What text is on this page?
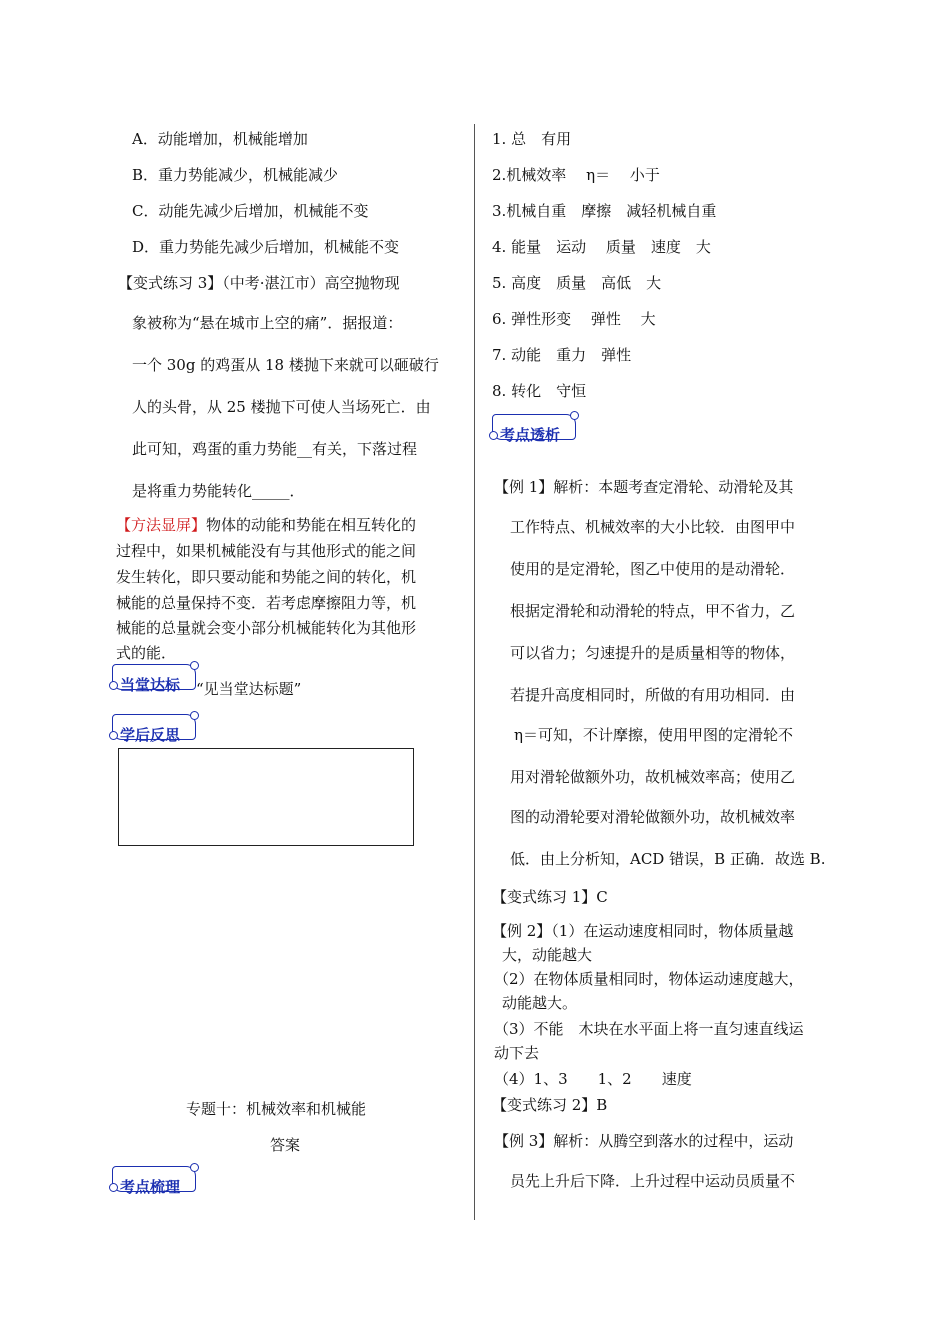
A．动能增加，机械能增加
B．重力势能减少，机械能减少
C．动能先减少后增加，机械能不变
D．重力势能先减少后增加，机械能不变
【变式练习 3】（中考·湛江市）高空抛物现
象被称为“悬在城市上空的痛”．据报道：
一个 30g 的鸡蛋从 18 楼抛下来就可以砸破行
人的头骨，从 25 楼抛下可使人当场死亡．由
此可知，鸡蛋的重力势能__有关，下落过程
是将重力势能转化_____．
【方法显屏】物体的动能和势能在相互转化的
过程中，如果机械能没有与其他形式的能之间
发生转化，即只要动能和势能之间的转化，机
械能的总量保持不变．若考虑摩擦阻力等，机
械能的总量就会变小部分机械能转化为其他形
式的能．
当堂达标 “见当堂达标题”
学后反思
专题十：机械效率和机械能
答案
考点梳理
1. 总　有用
2.机械效率　 η＝　 小于
3.机械自重　摩擦　减轻机械自重
4. 能量　运动　 质量　速度　大
5. 高度　质量　高低　大
6. 弹性形变　 弹性　 大
7. 动能　重力　弹性
8. 转化　守恒
考点透析
【例 1】解析：本题考查定滑轮、动滑轮及其
工作特点、机械效率的大小比较．由图甲中
使用的是定滑轮，图乙中使用的是动滑轮．
根据定滑轮和动滑轮的特点，甲不省力，乙
可以省力；匀速提升的是质量相等的物体，
若提升高度相同时，所做的有用功相同．由
η＝可知，不计摩擦，使用甲图的定滑轮不
用对滑轮做额外功，故机械效率高；使用乙
图的动滑轮要对滑轮做额外功，故机械效率
低．由上分析知，ACD 错误，B 正确．故选 B.
【变式练习 1】C
【例 2】（1）在运动速度相同时，物体质量越
大，动能越大
（2）在物体质量相同时，物体运动速度越大，
动能越大。
（3）不能　木块在水平面上将一直匀速直线运
动下去
（4）1、3　　1、2　　速度
【变式练习 2】B
【例 3】解析：从腾空到落水的过程中，运动
员先上升后下降．上升过程中运动员质量不
